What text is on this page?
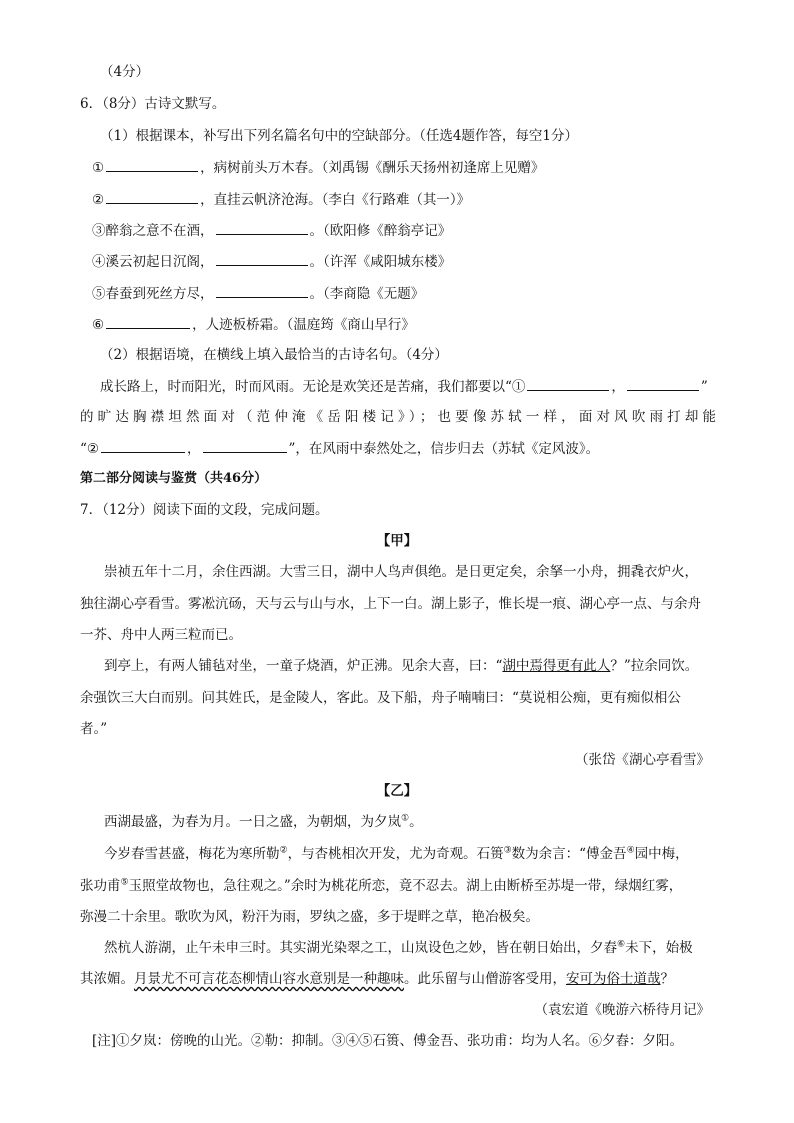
（4分）
6．（8分）古诗文默写。
（1）根据课本，补写出下列名篇名句中的空缺部分。（任选4题作答，每空1分）
①	，病树前头万木春。（刘禹锡《酬乐天扬州初逢席上见赠》
②	，直挂云帆济沧海。（李白《行路难（其一）》
③醉翁之意不在酒，	。（欧阳修《醉翁亭记》
④溪云初起日沉阁，	。（许浑《咸阳城东楼》
⑤春蚕到死丝方尽，	。（李商隐《无题》
⑥	，人迹板桥霜。（温庭筠《商山早行》
（2）根据语境，在横线上填入最恰当的古诗名句。（4分）
成长路上，时而阳光，时而风雨。无论是欢笑还是苦痛，我们都要以“①	，	”
的旷达胸襟坦然面对（范仲淹《岳阳楼记》）；也要像苏轼一样，面对风吹雨打却能
“②	，	”，在风雨中泰然处之，信步归去（苏轼《定风波》。
第二部分阅读与鉴赏（共46分）
7．（12分）阅读下面的文段，完成问题。
【甲】
崇祯五年十二月，余住西湖。大雪三日，湖中人鸟声俱绝。是日更定矣，余拏一小舟，拥毳衣炉火，
独往湖心亭看雪。雾凇沆砀，天与云与山与水，上下一白。湖上影子，惟长堤一痕、湖心亭一点、与余舟
一芥、舟中人两三粒而已。
到亭上，有两人铺毡对坐，一童子烧酒，炉正沸。见余大喜，曰：“湖中焉得更有此人？”拉余同饮。
余强饮三大白而别。问其姓氏，是金陵人，客此。及下船，舟子喃喃曰：“莫说相公痴，更有痴似相公
者。”
（张岱《湖心亭看雪》
【乙】
西湖最盛，为春为月。一日之盛，为朝烟，为夕岚①。
今岁春雪甚盛，梅花为寒所勒②，与杏桃相次开发，尤为奇观。石篑③数为余言：“傅金吾④园中梅，
张功甫⑤玉照堂故物也，急往观之。”余时为桃花所恋，竟不忍去。湖上由断桥至苏堤一带，绿烟红雾，
弥漫二十余里。歌吹为风，粉汗为雨，罗纨之盛，多于堤畔之草，艳冶极矣。
然杭人游湖，止午未申三时。其实湖光染翠之工，山岚设色之妙，皆在朝日始出，夕舂⑥未下，始极
其浓媚。月景尤不可言花态柳情山容水意别是一种趣味。此乐留与山僧游客受用，安可为俗士道哉？
（袁宏道《晚游六桥待月记》
[注]①夕岚：傍晚的山光。②勒：抑制。③④⑤石篑、傅金吾、张功甫：均为人名。⑥夕舂：夕阳。
